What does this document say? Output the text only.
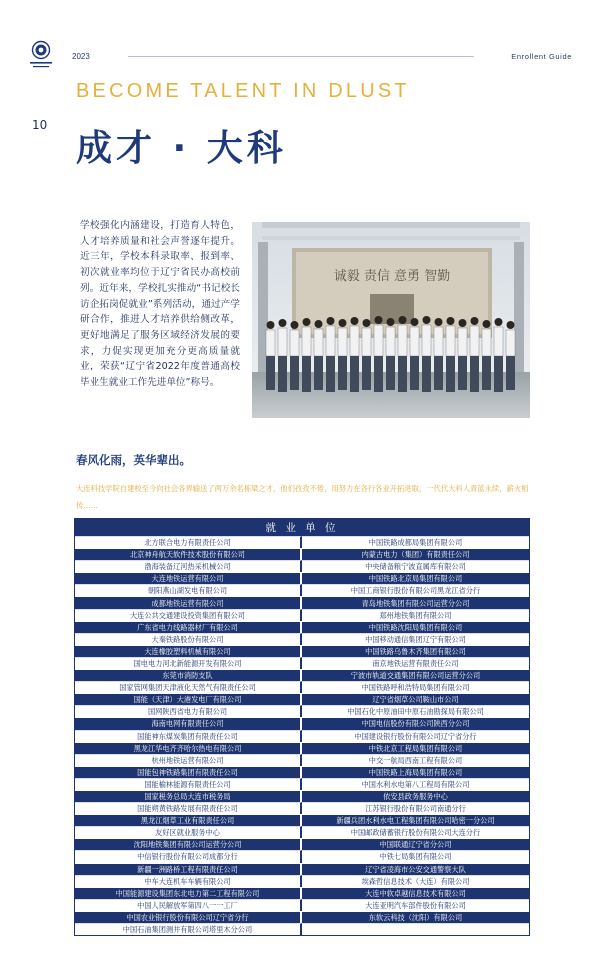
2023	Enrollent Guide
BECOME TALENT IN DLUST
10
成才 · 大科

学校强化内涵建设，打造育人特色，人才培养质量和社会声誉逐年提升。近三年，学校本科录取率、报到率、初次就业率均位于辽宁省民办高校前列。近年来，学校扎实推动“书记校长访企拓岗促就业”系列活动，通过产学研合作，推进人才培养供给侧改革，更好地满足了服务区域经济发展的要求，力促实现更加充分更高质量就业，荣获“辽宁省2022年度普通高校毕业生就业工作先进单位”称号。

诚毅 责信 意勇 智勤
春风化雨，英华辈出。

大连科技学院自建校至今向社会各界输送了两万余名栋梁之才，他们孜孜不倦，用努力在各行各业开拓进取，一代代大科人青蓝永续，薪火相传……

就 业 单 位	
北方联合电力有限责任公司	中国铁路成都局集团有限公司
北京神舟航天软件技术股份有限公司	内蒙古电力（集团）有限责任公司
渤海装备辽河热采机械公司	中央储备粮宁波直属库有限公司
大连地铁运营有限公司	中国铁路北京局集团有限公司
朝阳燕山湖发电有限公司	中国工商银行股份有限公司黑龙江省分行
成都地铁运营有限公司	青岛地铁集团有限公司运营分公司
大连公共交通建设投资集团有限公司	郑州地铁集团有限公司
广东省电力线路器材厂有限公司	中国铁路沈阳局集团有限公司
大秦铁路股份有限公司	中国移动通信集团辽宁有限公司
大连橡胶塑料机械有限公司	中国铁路乌鲁木齐集团有限公司
国电电力河北新能源开发有限公司	南京地铁运营有限责任公司
东莞市消防支队	宁波市轨道交通集团有限公司运营分公司
国家管网集团天津液化天然气有限责任公司	中国铁路呼和浩特局集团有限公司
国能（天津）大港发电厂有限公司	辽宁省烟草公司鞍山市公司
国网陕西省电力有限公司	中国石化中原油田中原石油勘探局有限公司
海南电网有限责任公司	中国电信股份有限公司陕西分公司
国能神东煤炭集团有限责任公司	中国建设银行股份有限公司辽宁省分行
黑龙江华电齐齐哈尔热电有限公司	中铁北京工程局集团有限公司
杭州地铁运营有限公司	中交一航局西南工程有限公司
国能包神铁路集团有限责任公司	中国铁路上海局集团有限公司
国能榆林能源有限责任公司	中国水利水电第八工程局有限公司
国家税务总局大连市税务局	依安县政务服务中心
国能朔黄铁路发展有限责任公司	江苏银行股份有限公司南通分行
黑龙江烟草工业有限责任公司	新疆兵团水利水电工程集团有限公司哈密一分公司
友好区就业服务中心	中国邮政储蓄银行股份有限公司大连分行
沈阳地铁集团有限公司运营分公司	中国联通辽宁省分公司
中信银行股份有限公司成都分行	中铁七局集团有限公司
新疆一洲路桥工程有限责任公司	辽宁省凌海市公安交通警察大队
中车大连机车车辆有限公司	埃森哲信息技术（大连）有限公司
中国能源建设集团东北电力第二工程有限公司	大连中软卓越信息技术有限公司
中国人民解放军第四八一一工厂	大连亚明汽车部件股份有限公司
中国农业银行股份有限公司辽宁省分行	东软云科技（沈阳）有限公司
中国石油集团测井有限公司塔里木分公司	
